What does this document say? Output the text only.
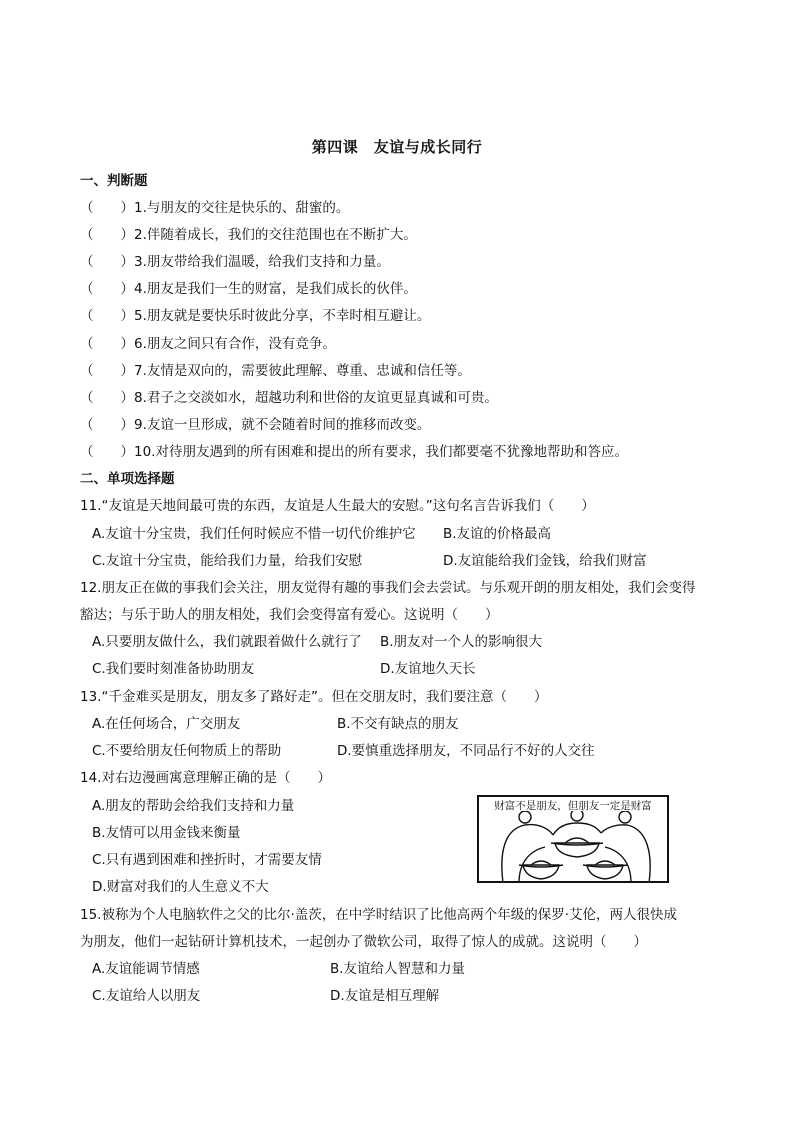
第四课　友谊与成长同行
一、判断题
（　　）1.与朋友的交往是快乐的、甜蜜的。
（　　）2.伴随着成长，我们的交往范围也在不断扩大。
（　　）3.朋友带给我们温暖，给我们支持和力量。
（　　）4.朋友是我们一生的财富，是我们成长的伙伴。
（　　）5.朋友就是要快乐时彼此分享，不幸时相互避让。
（　　）6.朋友之间只有合作，没有竞争。
（　　）7.友情是双向的，需要彼此理解、尊重、忠诚和信任等。
（　　）8.君子之交淡如水，超越功利和世俗的友谊更显真诚和可贵。
（　　）9.友谊一旦形成，就不会随着时间的推移而改变。
（　　）10.对待朋友遇到的所有困难和提出的所有要求，我们都要毫不犹豫地帮助和答应。
二、单项选择题
11.“友谊是天地间最可贵的东西，友谊是人生最大的安慰。”这句名言告诉我们（　　）
A.友谊十分宝贵，我们任何时候应不惜一切代价维护它 B.友谊的价格最高
C.友谊十分宝贵，能给我们力量，给我们安慰	D.友谊能给我们金钱，给我们财富
12.朋友正在做的事我们会关注，朋友觉得有趣的事我们会去尝试。与乐观开朗的朋友相处，我们会变得
豁达；与乐于助人的朋友相处，我们会变得富有爱心。这说明（　　）
A.只要朋友做什么，我们就跟着做什么就行了 B.朋友对一个人的影响很大
C.我们要时刻准备协助朋友	D.友谊地久天长
13.“千金难买是朋友，朋友多了路好走”。但在交朋友时，我们要注意（　　）
A.在任何场合，广交朋友	B.不交有缺点的朋友
C.不要给朋友任何物质上的帮助	D.要慎重选择朋友，不同品行不好的人交往
14.对右边漫画寓意理解正确的是（　　）
A.朋友的帮助会给我们支持和力量
B.友情可以用金钱来衡量
C.只有遇到困难和挫折时，才需要友情
D.财富对我们的人生意义不大
财富不是朋友，但朋友一定是财富
15.被称为个人电脑软件之父的比尔·盖茨，在中学时结识了比他高两个年级的保罗·艾伦，两人很快成
为朋友，他们一起钻研计算机技术，一起创办了微软公司，取得了惊人的成就。这说明（　　）
A.友谊能调节情感	B.友谊给人智慧和力量
C.友谊给人以朋友	D.友谊是相互理解
